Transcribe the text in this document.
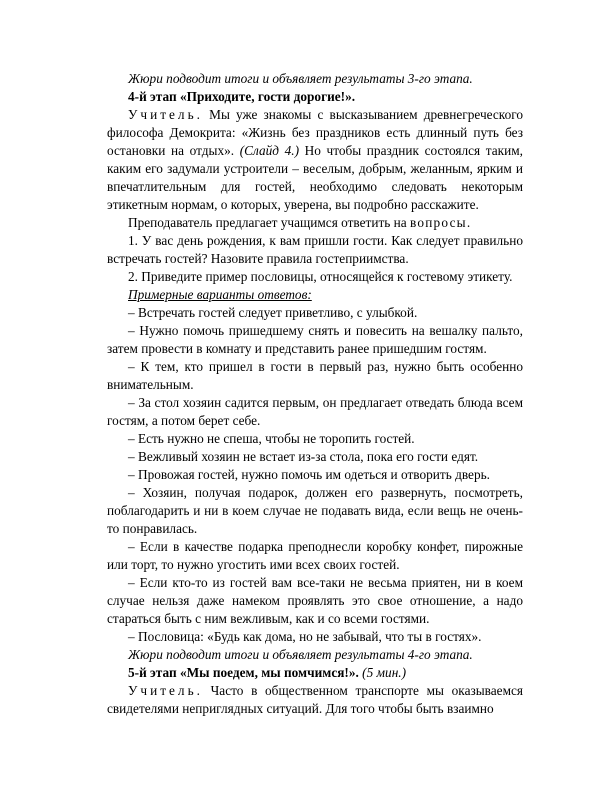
Жюри подводит итоги и объявляет результаты 3-го этапа.

4-й этап «Приходите, гости дорогие!».

Учитель. Мы уже знакомы с высказыванием древнегреческого философа Демокрита: «Жизнь без праздников есть длинный путь без остановки на отдых». (Слайд 4.) Но чтобы праздник состоялся таким, каким его задумали устроители – веселым, добрым, желанным, ярким и впечатлительным для гостей, необходимо следовать некоторым этикетным нормам, о которых, уверена, вы подробно расскажите.

Преподаватель предлагает учащимся ответить на вопросы.

1. У вас день рождения, к вам пришли гости. Как следует правильно встречать гостей? Назовите правила гостеприимства.

2. Приведите пример пословицы, относящейся к гостевому этикету.

Примерные варианты ответов:

– Встречать гостей следует приветливо, с улыбкой.

– Нужно помочь пришедшему снять и повесить на вешалку пальто, затем провести в комнату и представить ранее пришедшим гостям.

– К тем, кто пришел в гости в первый раз, нужно быть особенно внимательным.

– За стол хозяин садится первым, он предлагает отведать блюда всем гостям, а потом берет себе.

– Есть нужно не спеша, чтобы не торопить гостей.

– Вежливый хозяин не встает из-за стола, пока его гости едят.

– Провожая гостей, нужно помочь им одеться и отворить дверь.

– Хозяин, получая подарок, должен его развернуть, посмотреть, поблагодарить и ни в коем случае не подавать вида, если вещь не очень-то понравилась.

– Если в качестве подарка преподнесли коробку конфет, пирожные или торт, то нужно угостить ими всех своих гостей.

– Если кто-то из гостей вам все-таки не весьма приятен, ни в коем случае нельзя даже намеком проявлять это свое отношение, а надо стараться быть с ним вежливым, как и со всеми гостями.

– Пословица: «Будь как дома, но не забывай, что ты в гостях».

Жюри подводит итоги и объявляет результаты 4-го этапа.

5-й этап «Мы поедем, мы помчимся!». (5 мин.)

Учитель. Часто в общественном транспорте мы оказываемся свидетелями неприглядных ситуаций. Для того чтобы быть взаимно
